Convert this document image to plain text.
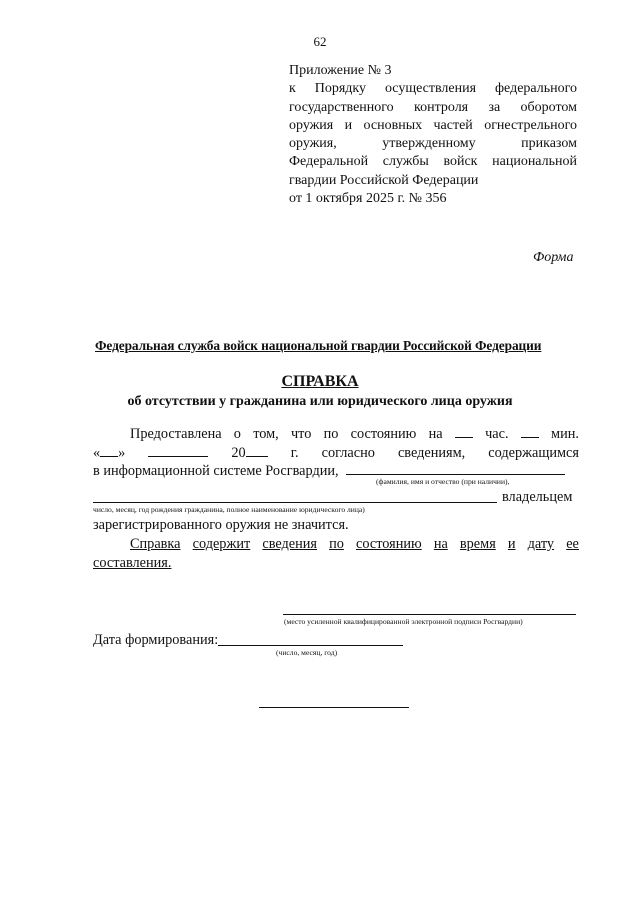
62
Приложение № 3
к Порядку осуществления федерального
государственного контроля за оборотом
оружия и основных частей огнестрельного
оружия,	утвержденному	приказом
Федеральной службы войск национальной
гвардии Российской Федерации
от 1 октября 2025 г. № 356
Форма
Федеральная служба войск национальной гвардии Российской Федерации
СПРАВКА
об отсутствии у гражданина или юридического лица оружия
Предоставлена о том, что по состоянию на	час.	мин.
« »	20	г. согласно сведениям, содержащимся
в информационной системе Росгвардии,
(фамилия, имя и отчество (при наличии),
владельцем
число, месяц, год рождения гражданина, полное наименование юридического лица)
зарегистрированного оружия не значится.
Справка содержит сведения по состоянию на время и дату ее
составления.
(место усиленной квалифицированной электронной подписи Росгвардии)
Дата формирования:
(число, месяц, год)
